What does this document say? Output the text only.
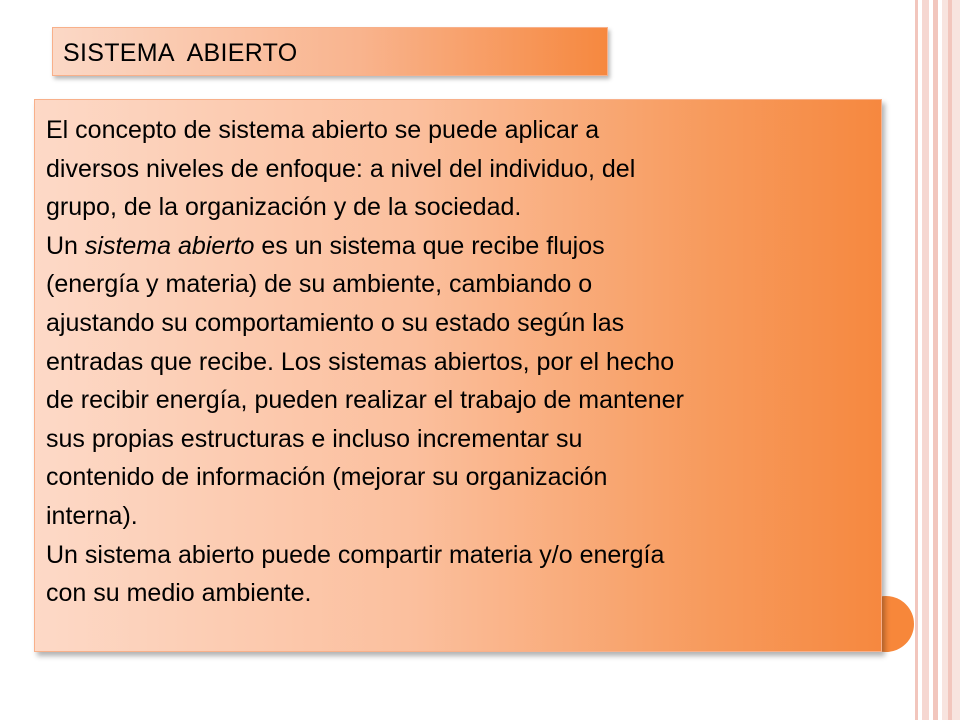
SISTEMA  ABIERTO

El concepto de sistema abierto se puede aplicar a
diversos niveles de enfoque: a nivel del individuo, del
grupo, de la organización y de la sociedad.

Un sistema abierto es un sistema que recibe flujos
(energía y materia) de su ambiente, cambiando o
ajustando su comportamiento o su estado según las
entradas que recibe. Los sistemas abiertos, por el hecho
de recibir energía, pueden realizar el trabajo de mantener
sus propias estructuras e incluso incrementar su
contenido de información (mejorar su organización
interna).

Un sistema abierto puede compartir materia y/o energía
con su medio ambiente.
